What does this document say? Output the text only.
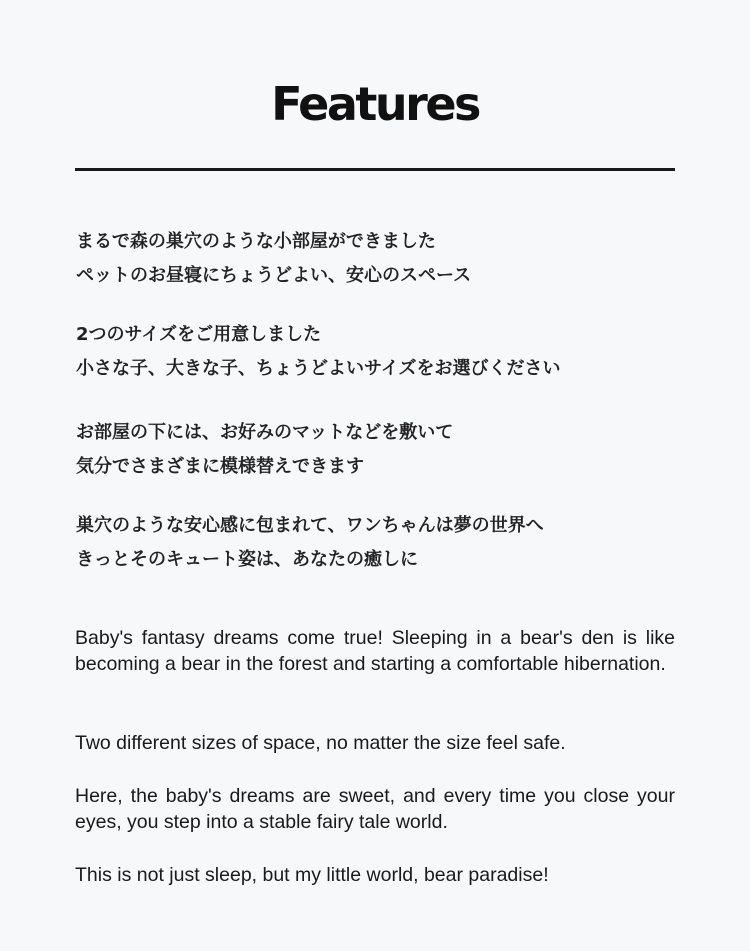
Features
まるで森の巣穴のような小部屋ができました
ペットのお昼寝にちょうどよい、安心のスペース
2つのサイズをご用意しました
小さな子、大きな子、ちょうどよいサイズをお選びください
お部屋の下には、お好みのマットなどを敷いて
気分でさまざまに模様替えできます
巣穴のような安心感に包まれて、ワンちゃんは夢の世界へ
きっとそのキュート姿は、あなたの癒しに

Baby's fantasy dreams come true! Sleeping in a bear's den is like becoming a bear in the forest and starting a comfortable hibernation.

Two different sizes of space, no matter the size feel safe.

Here, the baby's dreams are sweet, and every time you close your eyes, you step into a stable fairy tale world.

This is not just sleep, but my little world, bear paradise!
